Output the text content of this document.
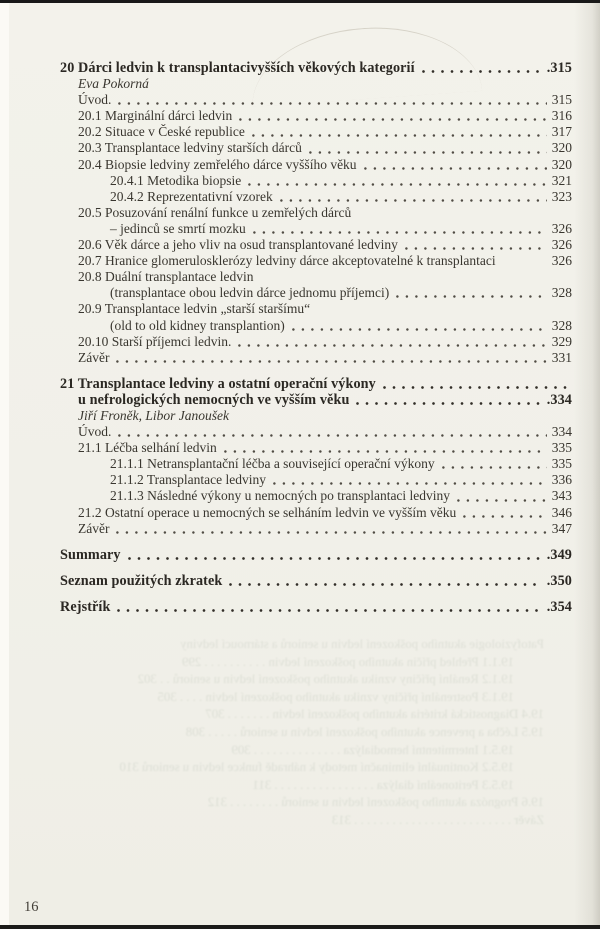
20 Dárci ledvin k transplantacivyšších věkových kategorií	.315
Eva Pokorná
Úvod.	315
20.1 Marginální dárci ledvin	316
20.2 Situace v České republice	317
20.3 Transplantace ledviny starších dárců	320
20.4 Biopsie ledviny zemřelého dárce vyššího věku	320
20.4.1 Metodika biopsie	321
20.4.2 Reprezentativní vzorek	323
20.5 Posuzování renální funkce u zemřelých dárců
– jedinců se smrtí mozku	326
20.6 Věk dárce a jeho vliv na osud transplantované ledviny	326
20.7 Hranice glomerulosklerózy ledviny dárce akceptovatelné k transplantaci	326
20.8 Duální transplantace ledvin
(transplantace obou ledvin dárce jednomu příjemci)	328
20.9 Transplantace ledvin „starší staršímu“
(old to old kidney transplantion)	328
20.10 Starší příjemci ledvin.	329
Závěr	331
21 Transplantace ledviny a ostatní operační výkony
u nefrologických nemocných ve vyšším věku	.334
Jiří Froněk, Libor Janoušek
Úvod.	334
21.1 Léčba selhání ledvin	335
21.1.1 Netransplantační léčba a související operační výkony	335
21.1.2 Transplantace ledviny	336
21.1.3 Následné výkony u nemocných po transplantaci ledviny	343
21.2 Ostatní operace u nemocných se selháním ledvin ve vyšším věku	346
Závěr	347
Summary	.349
Seznam použitých zkratek	.350
Rejstřík	.354
Patofyziologie akutního poškození ledvin u seniorů a stárnoucí ledviny
19.1.1 Přehled příčin akutního poškození ledvin . . . . . . . . . . 299
19.1.2 Renální příčiny vzniku akutního poškození ledvin u seniorů . . 302
19.1.3 Postrenální příčiny vzniku akutního poškození ledvin . . . . 305
19.4 Diagnostická kritéria akutního poškození ledvin . . . . . . . 307
19.5 Léčba a prevence akutního poškození ledvin u seniorů . . . . . 308
19.5.1 Intermitentní hemodialýza . . . . . . . . . . . . . . 309
19.5.2 Kontinuální eliminační metody k náhradě funkce ledvin u seniorů 310
19.5.3 Peritoneální dialýza . . . . . . . . . . . . . . . . 311
19.6 Prognóza akutního poškození ledvin u seniorů . . . . . . . . 312
Závěr . . . . . . . . . . . . . . . . . . . . . . . . . 313
16
